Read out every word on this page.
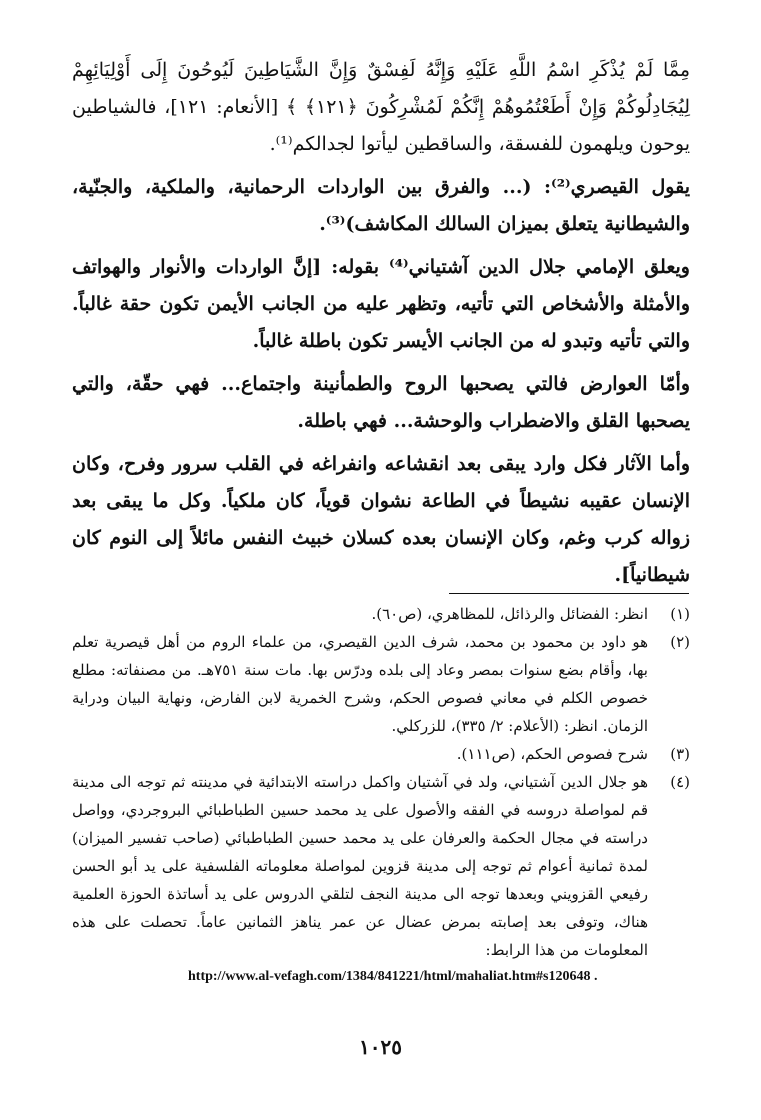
مِمَّا لَمْ يُذْكَرِ اسْمُ اللَّهِ عَلَيْهِ وَإِنَّهُ لَفِسْقٌ وَإِنَّ الشَّيَاطِينَ لَيُوحُونَ إِلَى أَوْلِيَائِهِمْ لِيُجَادِلُوكُمْ وَإِنْ أَطَعْتُمُوهُمْ إِنَّكُمْ لَمُشْرِكُونَ ﴿١٢١﴾ ﴾ [الأنعام: ١٢١]، فالشياطين يوحون ويلهمون للفسقة، والساقطين ليأتوا لجدالكم⁽¹⁾.

يقول القيصري⁽²⁾: (... والفرق بين الواردات الرحمانية، والملكية، والجنّية، والشيطانية يتعلق بميزان السالك المكاشف)⁽³⁾.

ويعلق الإمامي جلال الدين آشتياني⁽⁴⁾ بقوله: [إنَّ الواردات والأنوار والهواتف والأمثلة والأشخاص التي تأتيه، وتظهر عليه من الجانب الأيمن تكون حقة غالباً. والتي تأتيه وتبدو له من الجانب الأيسر تكون باطلة غالباً.

وأمّا العوارض فالتي يصحبها الروح والطمأنينة واجتماع... فهي حقّة، والتي يصحبها القلق والاضطراب والوحشة... فهي باطلة.

وأما الآثار فكل وارد يبقى بعد انقشاعه وانفراغه في القلب سرور وفرح، وكان الإنسان عقيبه نشيطاً في الطاعة نشوان قوياً، كان ملكياً. وكل ما يبقى بعد زواله كرب وغم، وكان الإنسان بعده كسلان خبيث النفس مائلاً إلى النوم كان شيطانياً].

(١)
انظر: الفضائل والرذائل، للمظاهري، (ص٦٠).
(٢)
هو داود بن محمود بن محمد، شرف الدين القيصري، من علماء الروم من أهل قيصرية تعلم بها، وأقام بضع سنوات بمصر وعاد إلى بلده ودرّس بها. مات سنة ٧٥١هـ. من مصنفاته: مطلع خصوص الكلم في معاني فصوص الحكم، وشرح الخمرية لابن الفارض، ونهاية البيان ودراية الزمان. انظر: (الأعلام: ٢/ ٣٣٥)، للزركلي.
(٣)
شرح فصوص الحكم، (ص١١١).
(٤)
هو جلال الدين آشتياني، ولد في آشتيان واكمل دراسته الابتدائية في مدينته ثم توجه الى مدينة قم لمواصلة دروسه في الفقه والأصول على يد محمد حسين الطباطبائي البروجردي، وواصل دراسته في مجال الحكمة والعرفان على يد محمد حسين الطباطبائي (صاحب تفسير الميزان) لمدة ثمانية أعوام ثم توجه إلى مدينة قزوين لمواصلة معلوماته الفلسفية على يد أبو الحسن رفيعي القزويني وبعدها توجه الى مدينة النجف لتلقي الدروس على يد أساتذة الحوزة العلمية هناك، وتوفى بعد إصابته بمرض عضال عن عمر يناهز الثمانين عاماً. تحصلت على هذه المعلومات من هذا الرابط:
http://www.al-vefagh.com/1384/841221/html/mahaliat.htm#s120648 .
١٠٢٥
